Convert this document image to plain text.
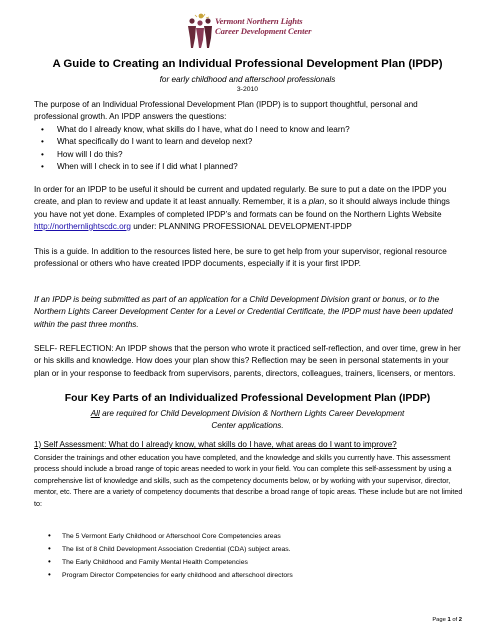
Vermont Northern Lights
Career Development Center
A Guide to Creating an Individual Professional Development Plan (IPDP)
for early childhood and afterschool professionals
3-2010
The purpose of an Individual Professional Development Plan (IPDP) is to support thoughtful, personal and professional growth. An IPDP answers the questions:
• What do I already know, what skills do I have, what do I need to know and learn?
• What specifically do I want to learn and develop next?
• How will I do this?
• When will I check in to see if I did what I planned?
In order for an IPDP to be useful it should be current and updated regularly. Be sure to put a date on the IPDP you create, and plan to review and update it at least annually. Remember, it is a plan, so it should always include things you have not yet done. Examples of completed IPDP’s and formats can be found on the Northern Lights Website http://northernlightscdc.org under: PLANNING PROFESSIONAL DEVELOPMENT-IPDP
This is a guide. In addition to the resources listed here, be sure to get help from your supervisor, regional resource professional or others who have created IPDP documents, especially if it is your first IPDP.
If an IPDP is being submitted as part of an application for a Child Development Division grant or bonus, or to the Northern Lights Career Development Center for a Level or Credential Certificate, the IPDP must have been updated within the past three months.
SELF- REFLECTION: An IPDP shows that the person who wrote it practiced self-reflection, and over time, grew in her or his skills and knowledge. How does your plan show this? Reflection may be seen in personal statements in your plan or in your response to feedback from supervisors, parents, directors, colleagues, trainers, licensers, or mentors.
Four Key Parts of an Individualized Professional Development Plan (IPDP)
All are required for Child Development Division & Northern Lights Career Development Center applications.
1) Self Assessment: What do I already know, what skills do I have, what areas do I want to improve?
Consider the trainings and other education you have completed, and the knowledge and skills you currently have. This assessment process should include a broad range of topic areas needed to work in your field. You can complete this self-assessment by using a comprehensive list of knowledge and skills, such as the competency documents below, or by working with your supervisor, director, mentor, etc. There are a variety of competency documents that describe a broad range of topic areas. These include but are not limited to:
• The 5 Vermont Early Childhood or Afterschool Core Competencies areas
• The list of 8 Child Development Association Credential (CDA) subject areas.
• The Early Childhood and Family Mental Health Competencies
• Program Director Competencies for early childhood and afterschool directors
Page 1 of 2
